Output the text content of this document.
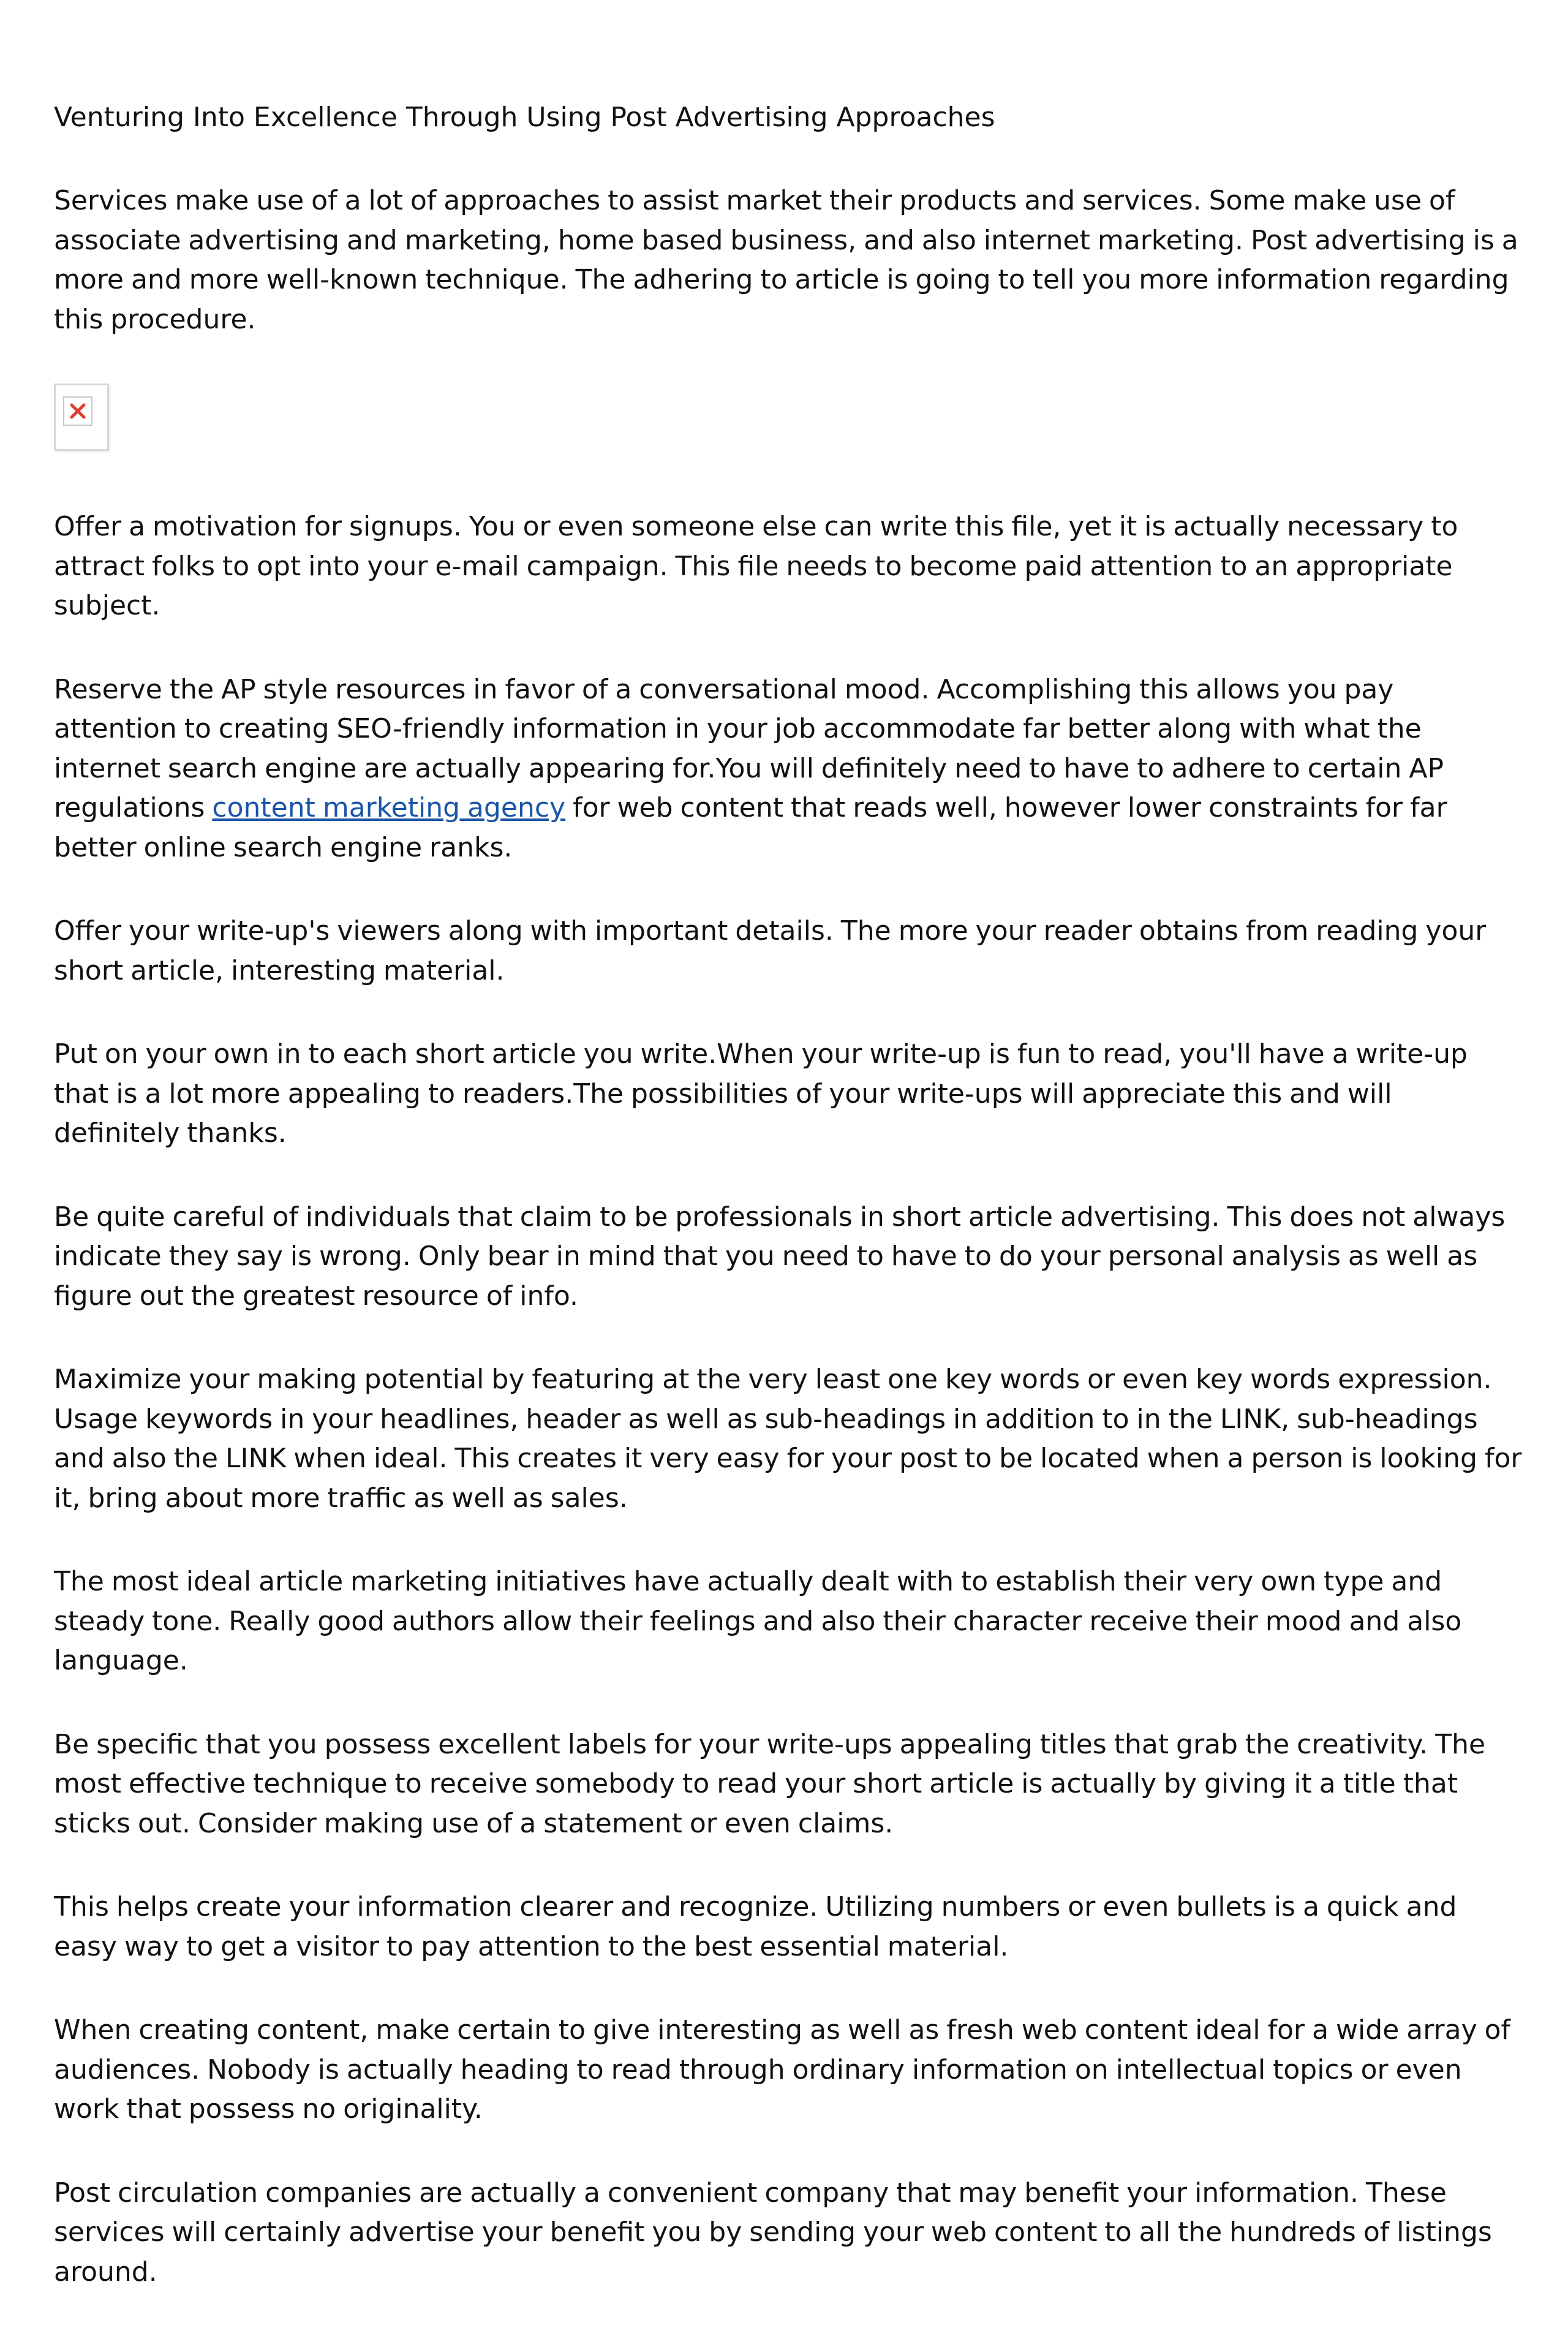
Venturing Into Excellence Through Using Post Advertising Approaches

Services make use of a lot of approaches to assist market their products and services. Some make use of associate advertising and marketing, home based business, and also internet marketing. Post advertising is a more and more well-known technique. The adhering to article is going to tell you more information regarding this procedure.

Offer a motivation for signups. You or even someone else can write this file, yet it is actually necessary to attract folks to opt into your e-mail campaign. This file needs to become paid attention to an appropriate subject.

Reserve the AP style resources in favor of a conversational mood. Accomplishing this allows you pay attention to creating SEO-friendly information in your job accommodate far better along with what the internet search engine are actually appearing for.You will definitely need to have to adhere to certain AP regulations content marketing agency for web content that reads well, however lower constraints for far better online search engine ranks.

Offer your write-up's viewers along with important details. The more your reader obtains from reading your short article, interesting material.

Put on your own in to each short article you write.When your write-up is fun to read, you'll have a write-up that is a lot more appealing to readers.The possibilities of your write-ups will appreciate this and will definitely thanks.

Be quite careful of individuals that claim to be professionals in short article advertising. This does not always indicate they say is wrong. Only bear in mind that you need to have to do your personal analysis as well as figure out the greatest resource of info.

Maximize your making potential by featuring at the very least one key words or even key words expression. Usage keywords in your headlines, header as well as sub-headings in addition to in the LINK, sub-headings and also the LINK when ideal. This creates it very easy for your post to be located when a person is looking for it, bring about more traffic as well as sales.

The most ideal article marketing initiatives have actually dealt with to establish their very own type and steady tone. Really good authors allow their feelings and also their character receive their mood and also language.

Be specific that you possess excellent labels for your write-ups appealing titles that grab the creativity. The most effective technique to receive somebody to read your short article is actually by giving it a title that sticks out. Consider making use of a statement or even claims.

This helps create your information clearer and recognize. Utilizing numbers or even bullets is a quick and easy way to get a visitor to pay attention to the best essential material.

When creating content, make certain to give interesting as well as fresh web content ideal for a wide array of audiences. Nobody is actually heading to read through ordinary information on intellectual topics or even work that possess no originality.

Post circulation companies are actually a convenient company that may benefit your information. These services will certainly advertise your benefit you by sending your web content to all the hundreds of listings around.
